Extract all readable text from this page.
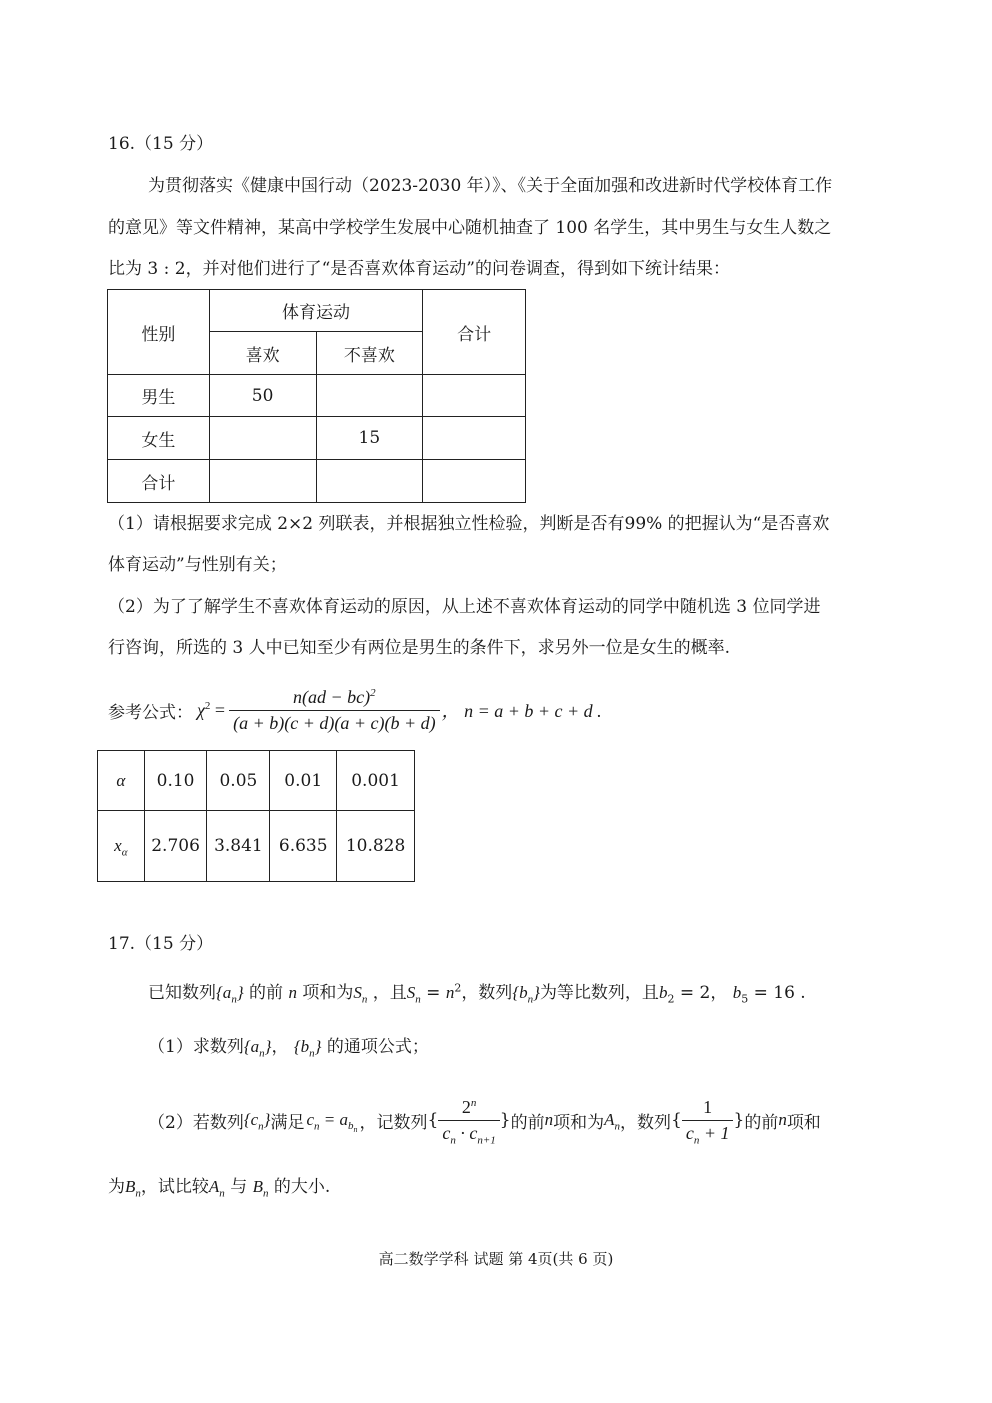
16.（15 分）
为贯彻落实《健康中国行动（2023-2030 年）》、《关于全面加强和改进新时代学校体育工作
的意见》等文件精神，某高中学校学生发展中心随机抽查了 100 名学生，其中男生与女生人数之
比为 3 : 2，并对他们进行了“是否喜欢体育运动”的问卷调查，得到如下统计结果：
性别	体育运动		合计
	喜欢	不喜欢	
男生	50		
女生		15	
合计			
（1）请根据要求完成 2×2 列联表，并根据独立性检验，判断是否有99% 的把握认为“是否喜欢
体育运动”与性别有关；
（2）为了了解学生不喜欢体育运动的原因，从上述不喜欢体育运动的同学中随机选 3 位同学进
行咨询，所选的 3 人中已知至少有两位是男生的条件下，求另外一位是女生的概率.
参考公式： $\chi^2 = \frac{n(ad - bc)^2}{(a + b)(c + d)(a + c)(b + d)}$ ， n = a + b + c + d .
α	0.10	0.05	0.01	0.001
$x_\alpha$	2.706	3.841	6.635	10.828
17.（15 分）
已知数列$\{a_n\}$ 的前 n 项和为$S_n$ ，且$S_n = n^2$，数列$\{b_n\}$为等比数列，且$b_2 = 2$， $b_5 = 16$ .
（1）求数列$\{a_n\}$， $\{b_n\}$ 的通项公式；
（2）若数列 $\{c_n\}$ 满足 $c_n = a_{b_n}$ ，记数列 { $\frac{2^n}{c_n \cdot c_{n+1}}$ } 的前 n 项和为 $A_n$ ，数列 { $\frac{1}{c_n + 1}$ } 的前 n 项和
为$B_n$，试比较$A_n$ 与 $B_n$ 的大小.
高二数学学科 试题 第 4页(共 6 页)
